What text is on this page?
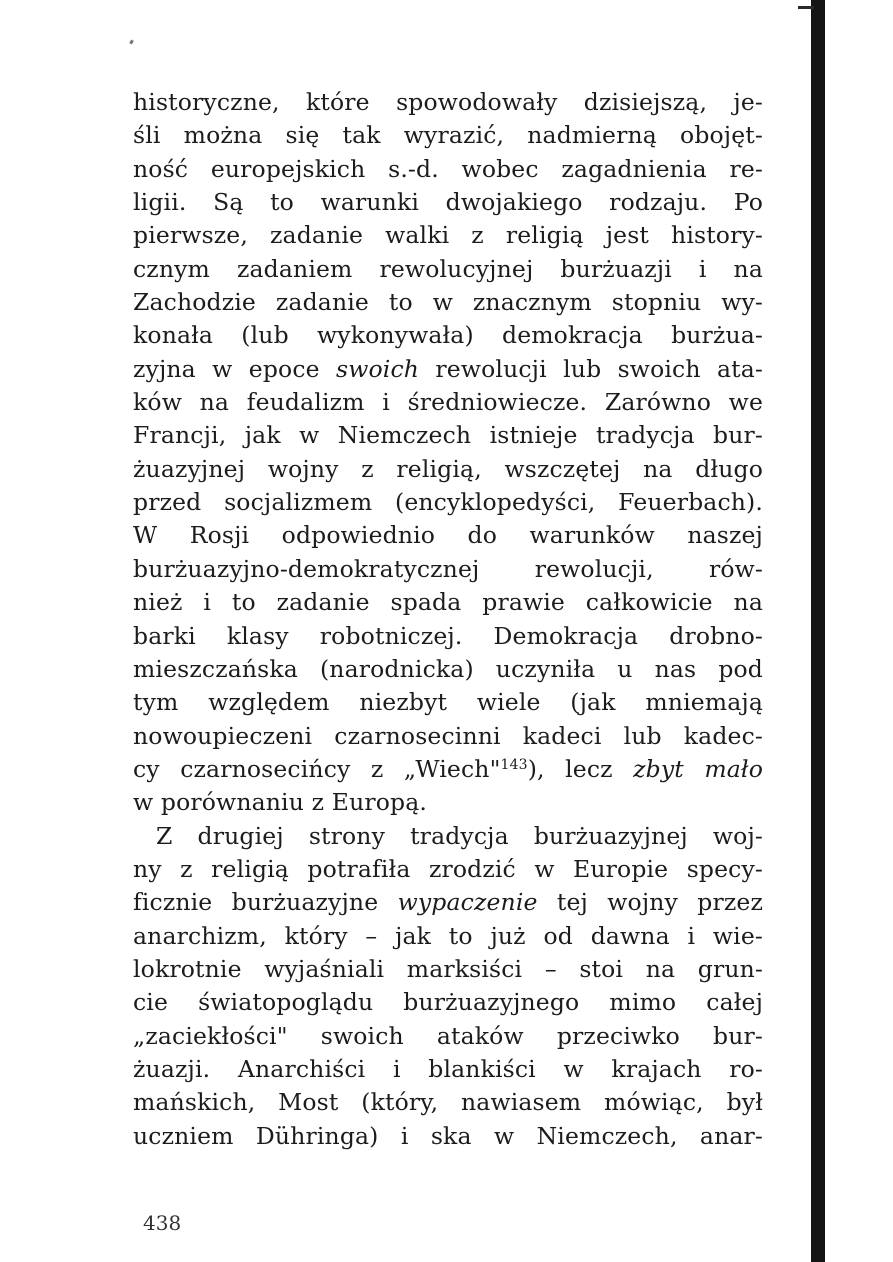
historyczne, które spowodowały dzisiejszą, je-
śli można się tak wyrazić, nadmierną obojęt-
ność europejskich s.-d. wobec zagadnienia re-
ligii. Są to warunki dwojakiego rodzaju. Po
pierwsze, zadanie walki z religią jest history-
cznym zadaniem rewolucyjnej burżuazji i na
Zachodzie zadanie to w znacznym stopniu wy-
konała (lub wykonywała) demokracja burżua-
zyjna w epoce swoich rewolucji lub swoich ata-
ków na feudalizm i średniowiecze. Zarówno we
Francji, jak w Niemczech istnieje tradycja bur-
żuazyjnej wojny z religią, wszczętej na długo
przed socjalizmem (encyklopedyści, Feuerbach).
W Rosji odpowiednio do warunków naszej
burżuazyjno-demokratycznej rewolucji, rów-
nież i to zadanie spada prawie całkowicie na
barki klasy robotniczej. Demokracja drobno-
mieszczańska (narodnicka) uczyniła u nas pod
tym względem niezbyt wiele (jak mniemają
nowoupieczeni czarnosecinni kadeci lub kadec-
cy czarnosecińcy z „Wiech"$^{143}$), lecz zbyt mało
w porównaniu z Europą.
Z drugiej strony tradycja burżuazyjnej woj-
ny z religią potrafiła zrodzić w Europie specy-
ficznie burżuazyjne wypaczenie tej wojny przez
anarchizm, który – jak to już od dawna i wie-
lokrotnie wyjaśniali marksiści – stoi na grun-
cie światopoglądu burżuazyjnego mimo całej
„zaciekłości" swoich ataków przeciwko bur-
żuazji. Anarchiści i blankiści w krajach ro-
mańskich, Most (który, nawiasem mówiąc, był
uczniem Dühringa) i ska w Niemczech, anar-
438
